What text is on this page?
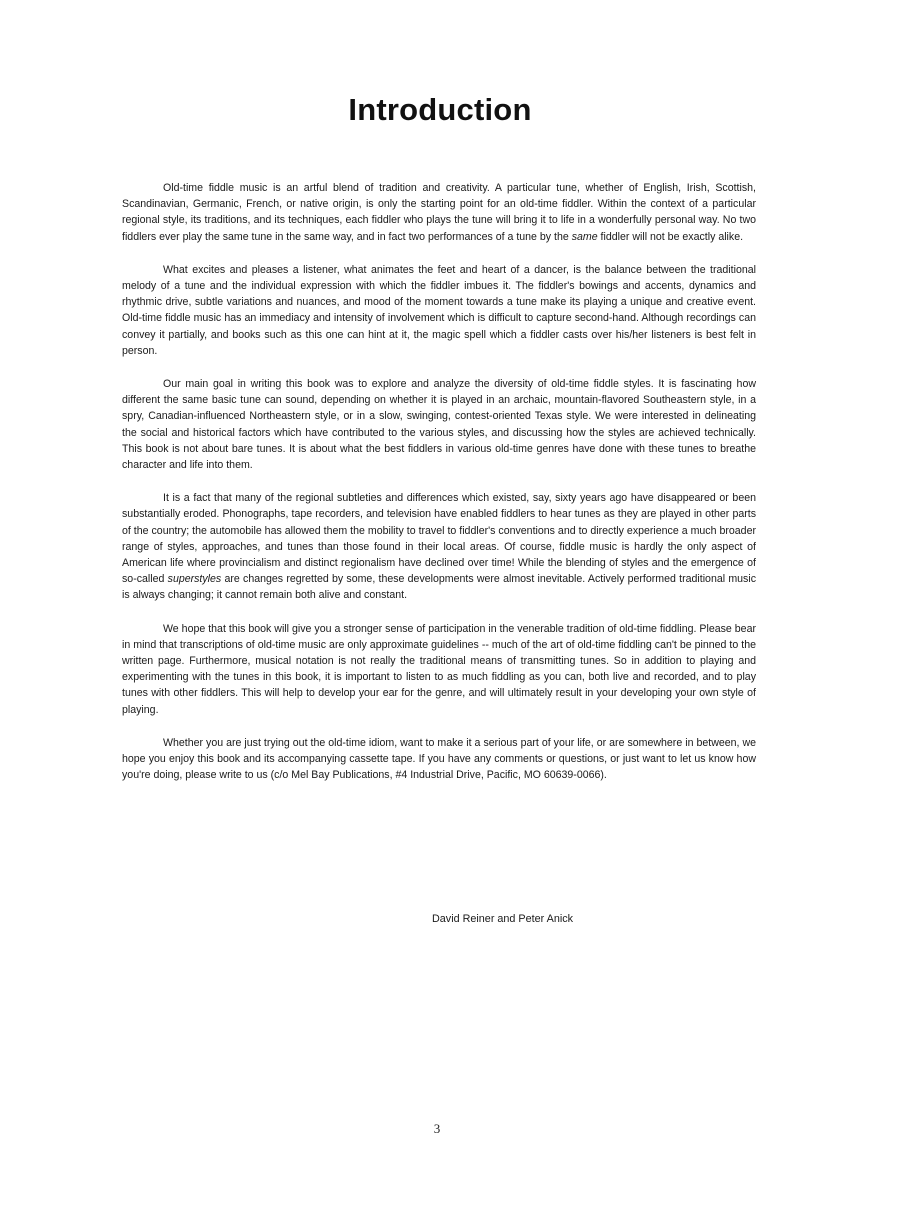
Introduction

Old-time fiddle music is an artful blend of tradition and creativity. A particular tune, whether of English, Irish, Scottish, Scandinavian, Germanic, French, or native origin, is only the starting point for an old-time fiddler. Within the context of a particular regional style, its traditions, and its techniques, each fiddler who plays the tune will bring it to life in a wonderfully personal way. No two fiddlers ever play the same tune in the same way, and in fact two performances of a tune by the same fiddler will not be exactly alike.

What excites and pleases a listener, what animates the feet and heart of a dancer, is the balance between the traditional melody of a tune and the individual expression with which the fiddler imbues it. The fiddler's bowings and accents, dynamics and rhythmic drive, subtle variations and nuances, and mood of the moment towards a tune make its playing a unique and creative event. Old-time fiddle music has an immediacy and intensity of involvement which is difficult to capture second-hand. Although recordings can convey it partially, and books such as this one can hint at it, the magic spell which a fiddler casts over his/her listeners is best felt in person.

Our main goal in writing this book was to explore and analyze the diversity of old-time fiddle styles. It is fascinating how different the same basic tune can sound, depending on whether it is played in an archaic, mountain-flavored Southeastern style, in a spry, Canadian-influenced Northeastern style, or in a slow, swinging, contest-oriented Texas style. We were interested in delineating the social and historical factors which have contributed to the various styles, and discussing how the styles are achieved technically. This book is not about bare tunes. It is about what the best fiddlers in various old-time genres have done with these tunes to breathe character and life into them.

It is a fact that many of the regional subtleties and differences which existed, say, sixty years ago have disappeared or been substantially eroded. Phonographs, tape recorders, and television have enabled fiddlers to hear tunes as they are played in other parts of the country; the automobile has allowed them the mobility to travel to fiddler's conventions and to directly experience a much broader range of styles, approaches, and tunes than those found in their local areas. Of course, fiddle music is hardly the only aspect of American life where provincialism and distinct regionalism have declined over time! While the blending of styles and the emergence of so-called superstyles are changes regretted by some, these developments were almost inevitable. Actively performed traditional music is always changing; it cannot remain both alive and constant.

We hope that this book will give you a stronger sense of participation in the venerable tradition of old-time fiddling. Please bear in mind that transcriptions of old-time music are only approximate guidelines -- much of the art of old-time fiddling can't be pinned to the written page. Furthermore, musical notation is not really the traditional means of transmitting tunes. So in addition to playing and experimenting with the tunes in this book, it is important to listen to as much fiddling as you can, both live and recorded, and to play tunes with other fiddlers. This will help to develop your ear for the genre, and will ultimately result in your developing your own style of playing.

Whether you are just trying out the old-time idiom, want to make it a serious part of your life, or are somewhere in between, we hope you enjoy this book and its accompanying cassette tape. If you have any comments or questions, or just want to let us know how you're doing, please write to us (c/o Mel Bay Publications, #4 Industrial Drive, Pacific, MO 60639-0066).

David Reiner and Peter Anick
3
